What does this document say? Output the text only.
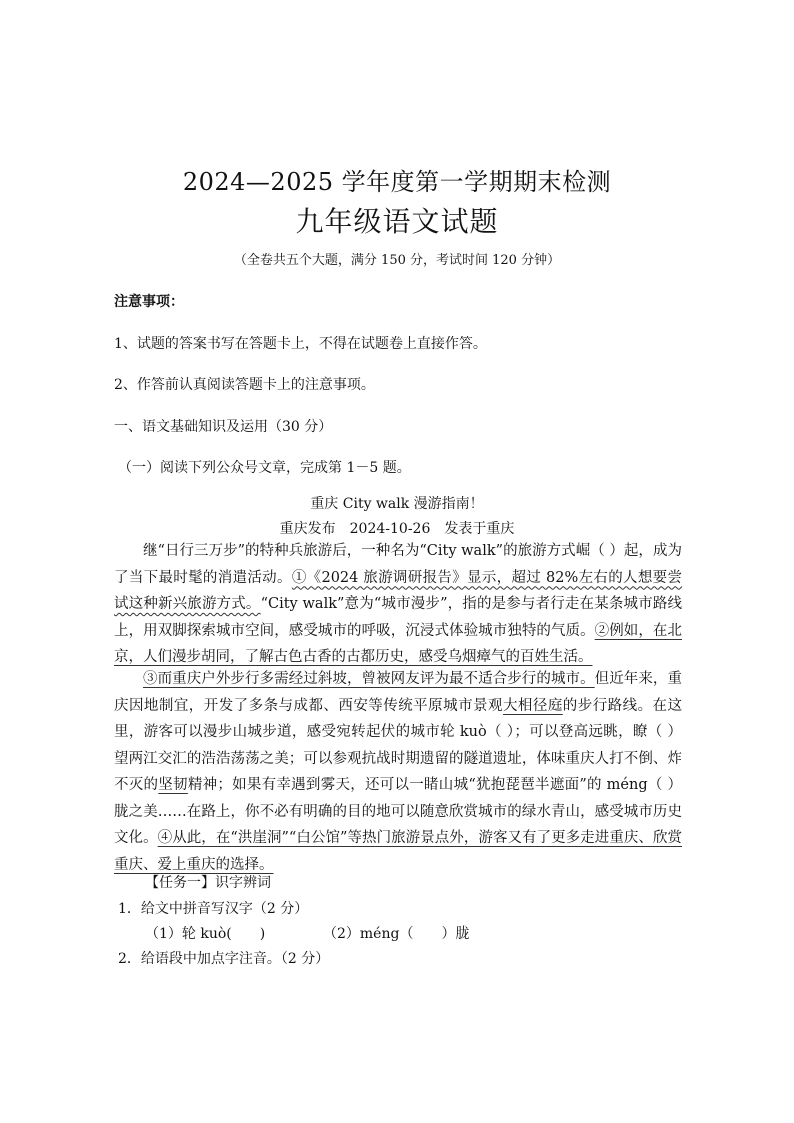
2024—2025 学年度第一学期期末检测
九年级语文试题
（全卷共五个大题，满分 150 分，考试时间 120 分钟）
注意事项：
1、试题的答案书写在答题卡上，不得在试题卷上直接作答。
2、作答前认真阅读答题卡上的注意事项。
一、语文基础知识及运用（30 分）
（一）阅读下列公众号文章，完成第 1－5 题。
重庆 City walk 漫游指南！
重庆发布　2024-10-26　发表于重庆
继“日行三万步”的特种兵旅游后，一种名为“City walk”的旅游方式崛（ ）起，成为了当下最时髦的消遣活动。①《2024 旅游调研报告》显示，超过 82%左右的人想要尝试这种新兴旅游方式。“City walk”意为“城市漫步”，指的是参与者行走在某条城市路线上，用双脚探索城市空间，感受城市的呼吸，沉浸式体验城市独特的气质。②例如，在北京，人们漫步胡同，了解古色古香的古都历史，感受乌烟瘴气的百姓生活。
③而重庆户外步行多需经过斜坡，曾被网友评为最不适合步行的城市。但近年来，重庆因地制宜，开发了多条与成都、西安等传统平原城市景观大相径庭的步行路线。在这里，游客可以漫步山城步道，感受宛转起伏的城市轮 kuò（ ）；可以登高远眺，瞭（ ）望两江交汇的浩浩荡荡之美；可以参观抗战时期遗留的隧道遗址，体味重庆人打不倒、炸不灭的坚韧精神；如果有幸遇到雾天，还可以一睹山城“犹抱琵琶半遮面”的 méng（ ）胧之美……在路上，你不必有明确的目的地可以随意欣赏城市的绿水青山，感受城市历史文化。④从此，在“洪崖洞”“白公馆”等热门旅游景点外，游客又有了更多走进重庆、欣赏重庆、爱上重庆的选择。
【任务一】识字辨词
1．给文中拼音写汉字（2 分）
（1）轮 kuò(　　)	（2）méng（　　）胧
2．给语段中加点字注音。（2 分）
